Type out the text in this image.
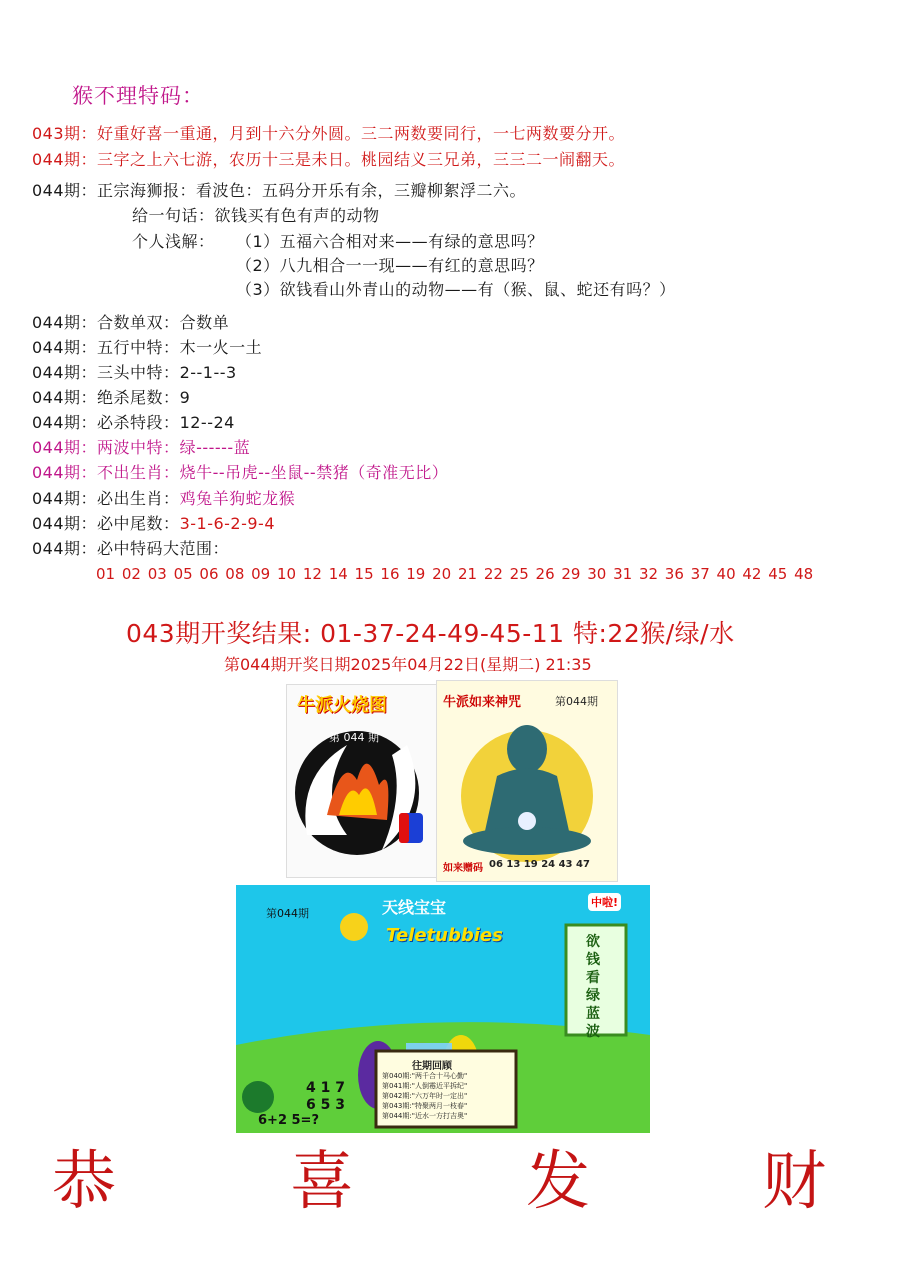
猴不理特码：
043期：好重好喜一重通，月到十六分外圆。三二两数要同行，一七两数要分开。
044期：三字之上六七游，农历十三是未日。桃园结义三兄弟，三三二一闹翻天。
044期：正宗海狮报：看波色：五码分开乐有余，三瓣柳絮浮二六。
给一句话：欲钱买有色有声的动物
个人浅解： （1）五福六合相对来——有绿的意思吗？
（2）八九相合一一现——有红的意思吗？
（3）欲钱看山外青山的动物——有（猴、鼠、蛇还有吗？）
044期：合数单双：合数单
044期：五行中特：木一火一土
044期：三头中特：2--1--3
044期：绝杀尾数：9
044期：必杀特段：12--24
044期：两波中特：绿------蓝
044期：不出生肖：烧牛--吊虎--坐鼠--禁猪（奇准无比）
044期：必出生肖：鸡兔羊狗蛇龙猴
044期：必中尾数：3-1-6-2-9-4
044期：必中特码大范围：
01 02 03 05 06 08 09 10 12 14 15 16 19 20 21 22 25 26 29 30 31 32 36 37 40 42 45 48
043期开奖结果: 01-37-24-49-45-11 特:22猴/绿/水
第044期开奖日期2025年04月22日(星期二) 21:35
牛派火烧图
第 044 期
牛派如来神咒	第044期
如来赠码 06 13 19 24 43 47
天线宝宝
Teletubbies
第044期
中啦!
欲钱看绿蓝波
往期回顾
第040期:"两千合十马心勤"
第041期:"人倒霉近平拆纪"
第042期:"六万年时一定出"
第043期:"特聚两月一枝春"
第044期:"近水一方打吉奥"
4 1 7
6 5 3
6+2 5=?
恭	喜	发	财
